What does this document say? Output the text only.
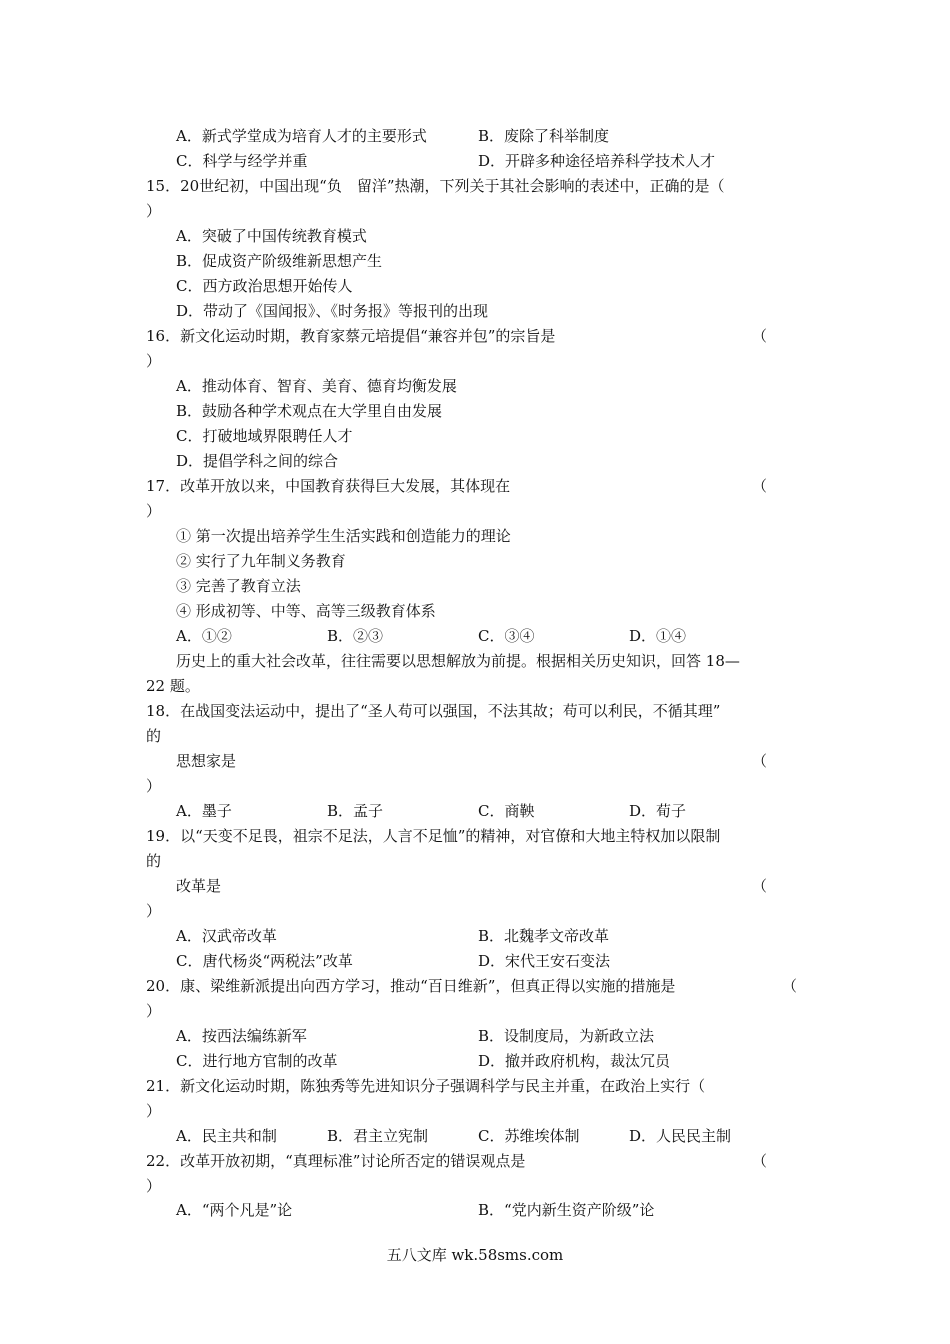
A．新式学堂成为培育人才的主要形式	B．废除了科举制度
C．科学与经学并重	D．开辟多种途径培养科学技术人才
15．20世纪初，中国出现“负　留洋”热潮，下列关于其社会影响的表述中，正确的是（
）
A．突破了中国传统教育模式
B．促成资产阶级维新思想产生
C．西方政治思想开始传人
D．带动了《国闻报》、《时务报》等报刊的出现
16．新文化运动时期，教育家蔡元培提倡“兼容并包”的宗旨是	（
）
A．推动体育、智育、美育、德育均衡发展
B．鼓励各种学术观点在大学里自由发展
C．打破地域界限聘任人才
D．提倡学科之间的综合
17．改革开放以来，中国教育获得巨大发展，其体现在	（
）
① 第一次提出培养学生生活实践和创造能力的理论
② 实行了九年制义务教育
③ 完善了教育立法
④ 形成初等、中等、高等三级教育体系
A．①②	B．②③	C．③④	D．①④
历史上的重大社会改革，往往需要以思想解放为前提。根据相关历史知识，回答 18—
22 题。
18．在战国变法运动中，提出了“圣人苟可以强国，不法其故；苟可以利民，不循其理”
的
思想家是	（
）
A．墨子	B．孟子	C．商鞅	D．荀子
19．以“天变不足畏，祖宗不足法，人言不足恤”的精神，对官僚和大地主特权加以限制
的
改革是	（
）
A．汉武帝改革	B．北魏孝文帝改革
C．唐代杨炎“两税法”改革	D．宋代王安石变法
20．康、梁维新派提出向西方学习，推动“百日维新”，但真正得以实施的措施是	（
）
A．按西法编练新军	B．设制度局，为新政立法
C．进行地方官制的改革	D．撤并政府机构，裁汰冗员
21．新文化运动时期，陈独秀等先进知识分子强调科学与民主并重，在政治上实行（
）
A．民主共和制	B．君主立宪制	C．苏维埃体制	D．人民民主制
22．改革开放初期，“真理标准”讨论所否定的错误观点是	（
）
A．“两个凡是”论	B．“党内新生资产阶级”论
五八文库 wk.58sms.com
